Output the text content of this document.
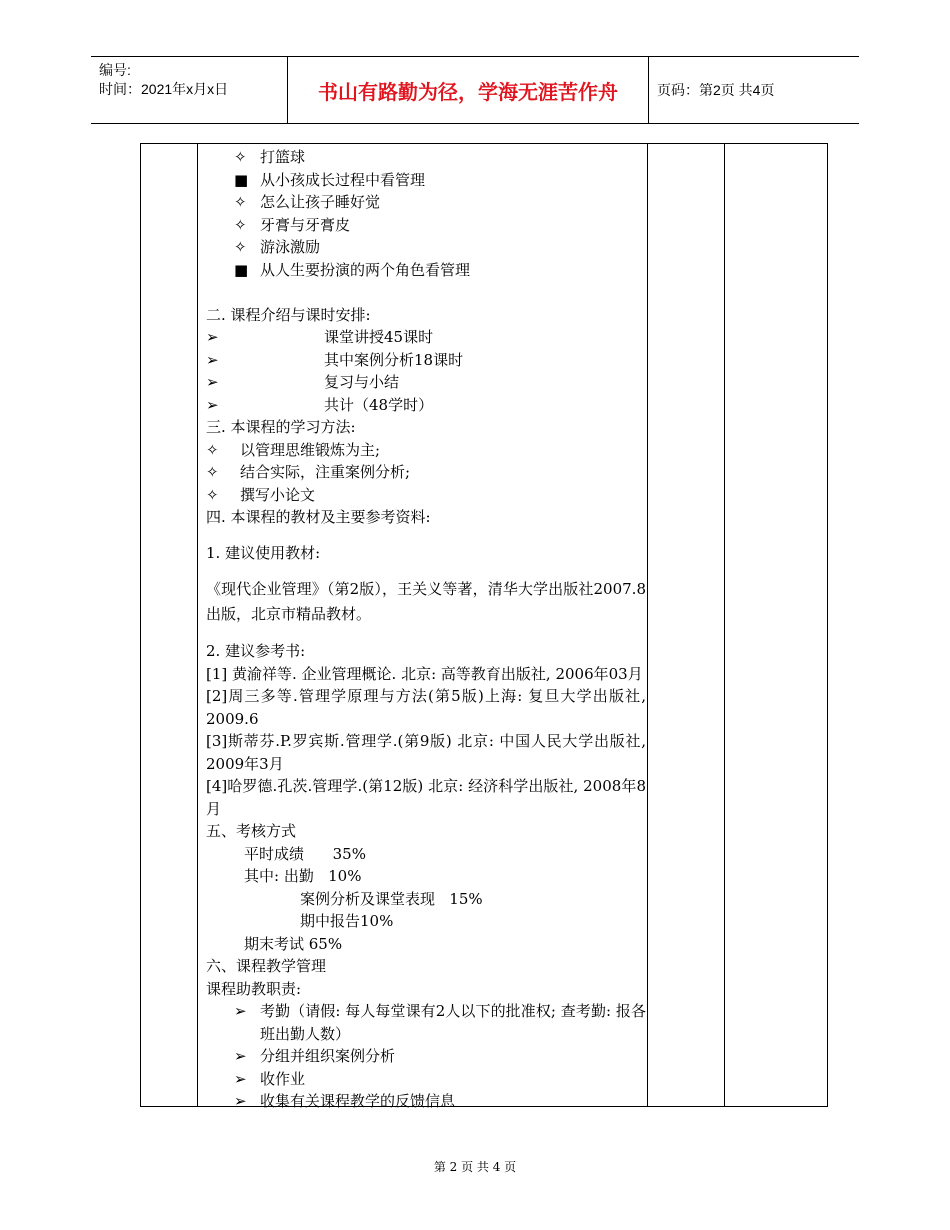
编号:
时间：2021年x月x日	书山有路勤为径，学海无涯苦作舟	页码：第2页 共4页
✧ 打篮球
■ 从小孩成长过程中看管理
✧ 怎么让孩子睡好觉
✧ 牙膏与牙膏皮
✧ 游泳激励
■ 从人生要扮演的两个角色看管理
二. 课程介绍与课时安排:
➢	课堂讲授45课时
➢	其中案例分析18课时
➢	复习与小结
➢	共计（48学时）
三. 本课程的学习方法:
✧ 以管理思维锻炼为主;
✧ 结合实际，注重案例分析;
✧ 撰写小论文
四. 本课程的教材及主要参考资料:
1. 建议使用教材:
《现代企业管理》（第2版），王关义等著，清华大学出版社2007.8出版，北京市精品教材。
2. 建议参考书:
[1] 黄渝祥等. 企业管理概论. 北京: 高等教育出版社, 2006年03月
[2]周三多等.管理学原理与方法(第5版)上海: 复旦大学出版社, 2009.6
[3]斯蒂芬.P.罗宾斯.管理学.(第9版) 北京: 中国人民大学出版社, 2009年3月
[4]哈罗德.孔茨.管理学.(第12版) 北京: 经济科学出版社, 2008年8月
五、考核方式
平时成绩      35%
其中: 出勤   10%
案例分析及课堂表现   15%
期中报告10%
期末考试 65%
六、课程教学管理
课程助教职责:
➢ 考勤（请假: 每人每堂课有2人以下的批准权; 查考勤: 报各班出勤人数）
➢ 分组并组织案例分析
➢ 收作业
➢ 收集有关课程教学的反馈信息
第 2 页 共 4 页
